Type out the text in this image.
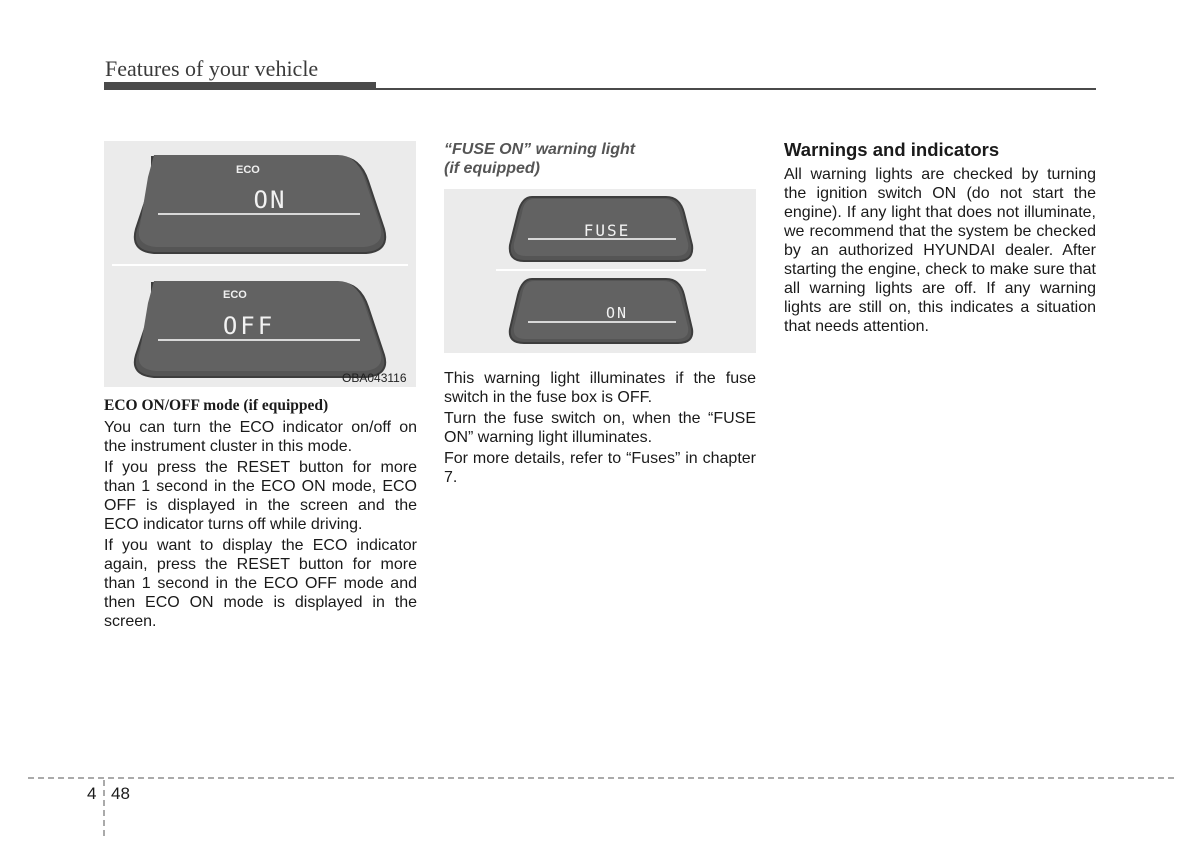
Features of your vehicle
ECO
ON
ECO
OFF
OBA043116

ECO ON/OFF mode (if equipped)

You can turn the ECO indicator on/off on the instrument cluster in this mode.

If you press the RESET button for more than 1 second in the ECO ON mode, ECO OFF is displayed in the screen and the ECO indicator turns off while driving.

If you want to display the ECO indicator again, press the RESET button for more than 1 second in the ECO OFF mode and then ECO ON mode is displayed in the screen.

“FUSE ON” warning light
(if equipped)
FUSE
ON

This warning light illuminates if the fuse switch in the fuse box is OFF.

Turn the fuse switch on, when the “FUSE ON” warning light illuminates.

For more details, refer to “Fuses” in chapter 7.

Warnings and indicators

All warning lights are checked by turning the ignition switch ON (do not start the engine). If any light that does not illuminate, we recommend that the system be checked by an authorized HYUNDAI dealer. After starting the engine, check to make sure that all warning lights are off. If any warning lights are still on, this indicates a situation that needs attention.

4 48
